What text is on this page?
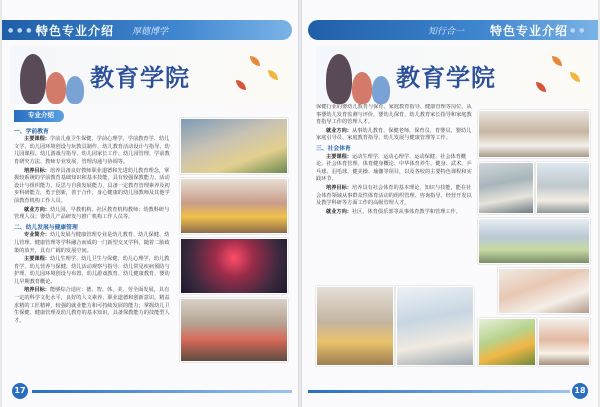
● ● ● ●
特色专业介绍 厚德博学
教育学院
专业介绍
一、学前教育

主要课程：学前儿童卫生保健、学前心理学、学前教育学、幼儿文学、幼儿园环境创设与玩教具制作、幼儿教育活动设计与指导、幼儿园课程、幼儿游戏与指导、幼儿园家长工作、幼儿园管理、学前教育研究方法、教师专业发展、管理沟通与协调等。

培养目标：培养具备良好教师职业道德和先进幼儿教育理念，掌握较系统的学前教育基础知识和基本技能，具有较强保教能力、活动设计与组织能力，反思与自我发展能力，具备一定教育管理素养及初步科研能力，勇于创新，善于合作，身心健康的幼儿园教师及其他学前教育机构工作人员。

就业方向：幼儿园、早教机构、社区教育机构教师；幼教科研与管理人员；婴幼儿产品研发与推广机构工作人员等。

二、幼儿发展与健康管理

专业简介：幼儿发展与健康管理专业是幼儿教育、幼儿保健、幼儿管理、健康管理等学科融合而成的一门新型交叉学科，随着二胎政策的放开，具有广阔的发展空间。

主要课程：幼儿生理学、幼儿卫生与保健、幼儿心理学、幼儿教育学、幼儿营养与保健、幼儿活动观察与指导、幼儿常见疾病预防与护理、幼儿园环境创设与布置、幼儿游戏教育、幼儿健康教育、婴幼儿早期教育概论。

培养目标：能够综合适应：德、智、体、美、劳全面发展，具有一定的科学文化水平，良好的人文素养、职业道德和创新意识，精益求精的工匠精神，较强的就业能力和可持续发展的能力；掌握幼儿卫生保健、健康管理及幼儿教育的基本知识，具备保教能力的技能型人才。

17
知行合一 特色专业介绍 ● ●
教育学院

保健行业的婴幼儿教育与保育、家庭教育指导、健康管理等岗位，从事婴幼儿发育监测与评价，婴幼儿保育，幼儿教育家长指导和家庭教育指导工作的管理人才。

就业方向：从事幼儿教育、保健老师、保育员、育婴员、婴幼儿家庭引导员、家庭教育指导、幼儿发展与健康管理等工作。

三、社会体育

主要课程：运动生理学、运动心理学、运动保健、社会体育概论、社会体育管理、体育健身概论、中华体育养生、健身、武术、乒乓球、羽毛球、健美操、瑜伽等项目，以及各校的主要特色课程和实践环节。

培养目标：培养具有社会体育的基本理论、知识与技能，能在社会体育领域从事群众性体育活动的组织管理、咨询指导、经营开发以及教学科研等方面工作的高级管理人才。

就业方向：社区、体育俱乐部等从事体育教学和管理工作。

18
